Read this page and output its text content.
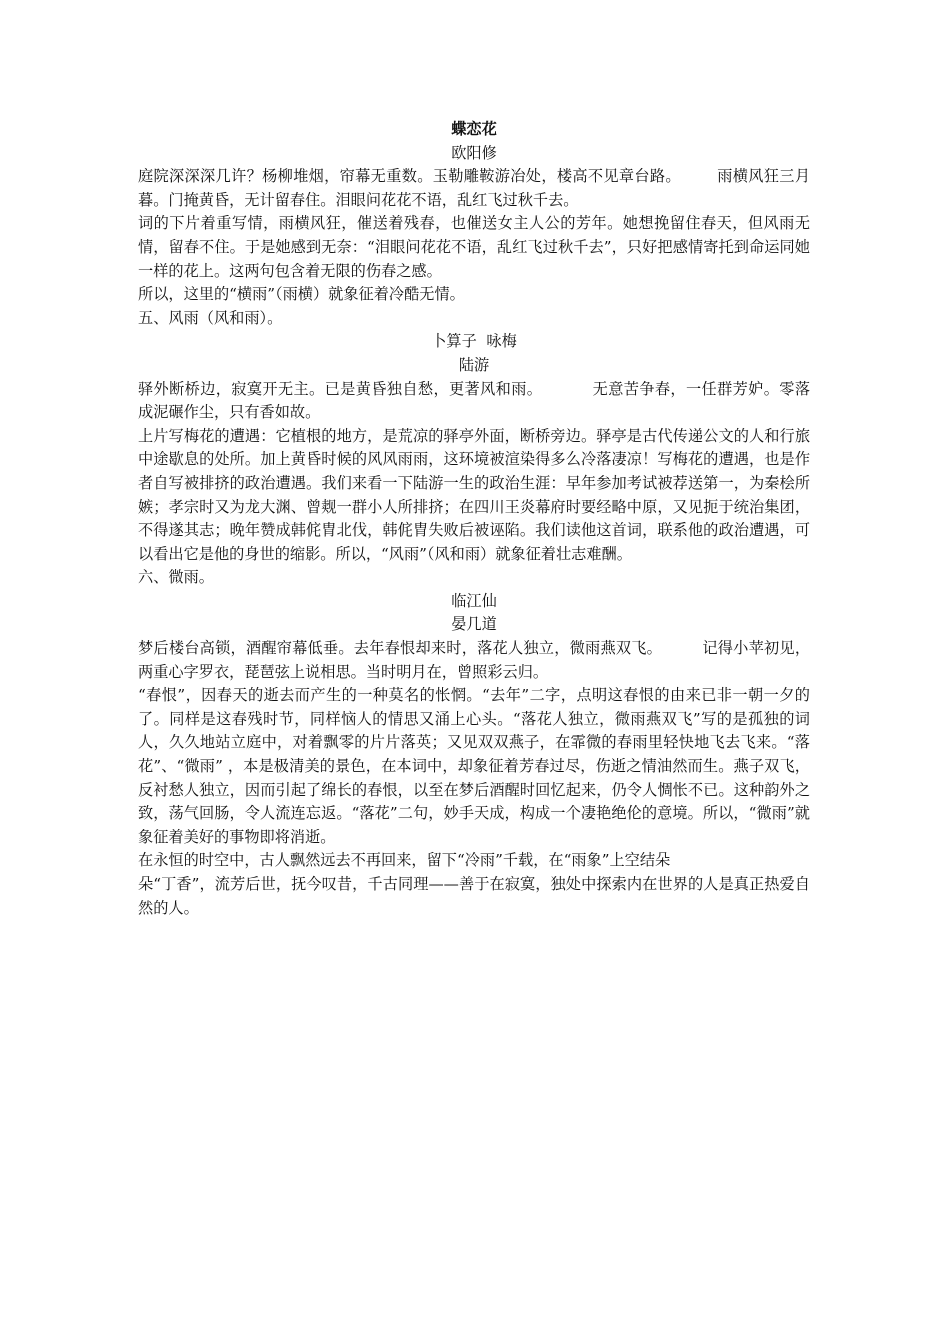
蝶恋花

欧阳修

庭院深深深几许？杨柳堆烟，帘幕无重数。玉勒雕鞍游冶处，楼高不见章台路。 雨横风狂三月暮。门掩黄昏，无计留春住。泪眼问花花不语，乱红飞过秋千去。

词的下片着重写情，雨横风狂，催送着残春，也催送女主人公的芳年。她想挽留住春天，但风雨无情，留春不住。于是她感到无奈：“泪眼问花花不语，乱红飞过秋千去”，只好把感情寄托到命运同她一样的花上。这两句包含着无限的伤春之感。

所以，这里的“横雨”（雨横）就象征着冷酷无情。

五、风雨（风和雨）。

卜算子  咏梅

陆游

驿外断桥边，寂寞开无主。已是黄昏独自愁，更著风和雨。	无意苦争春，一任群芳妒。零落成泥碾作尘，只有香如故。

上片写梅花的遭遇：它植根的地方，是荒凉的驿亭外面，断桥旁边。驿亭是古代传递公文的人和行旅中途歇息的处所。加上黄昏时候的风风雨雨，这环境被渲染得多么冷落凄凉！写梅花的遭遇，也是作者自写被排挤的政治遭遇。我们来看一下陆游一生的政治生涯：早年参加考试被荐送第一，为秦桧所嫉；孝宗时又为龙大渊、曾觌一群小人所排挤；在四川王炎幕府时要经略中原，又见扼于统治集团，不得遂其志；晚年赞成韩侂胄北伐，韩侂胄失败后被诬陷。我们读他这首词，联系他的政治遭遇，可以看出它是他的身世的缩影。所以，“风雨”（风和雨）就象征着壮志难酬。

六、微雨。

临江仙

晏几道

梦后楼台高锁，酒醒帘幕低垂。去年春恨却来时，落花人独立，微雨燕双飞。	记得小苹初见，两重心字罗衣，琵琶弦上说相思。当时明月在，曾照彩云归。

“春恨”，因春天的逝去而产生的一种莫名的怅惘。“去年”二字，点明这春恨的由来已非一朝一夕的了。同样是这春残时节，同样恼人的情思又涌上心头。“落花人独立，微雨燕双飞”写的是孤独的词人，久久地站立庭中，对着飘零的片片落英；又见双双燕子，在霏微的春雨里轻快地飞去飞来。“落花”、“微雨” ，本是极清美的景色，在本词中，却象征着芳春过尽，伤逝之情油然而生。燕子双飞，反衬愁人独立，因而引起了绵长的春恨，以至在梦后酒醒时回忆起来，仍令人惆怅不已。这种韵外之致，荡气回肠，令人流连忘返。“落花”二句，妙手天成，构成一个凄艳绝伦的意境。所以，“微雨”就象征着美好的事物即将消逝。

在永恒的时空中，古人飘然远去不再回来，留下“冷雨”千载，在“雨象”上空结朵

朵“丁香”，流芳后世，抚今叹昔，千古同理——善于在寂寞，独处中探索内在世界的人是真正热爱自然的人。
